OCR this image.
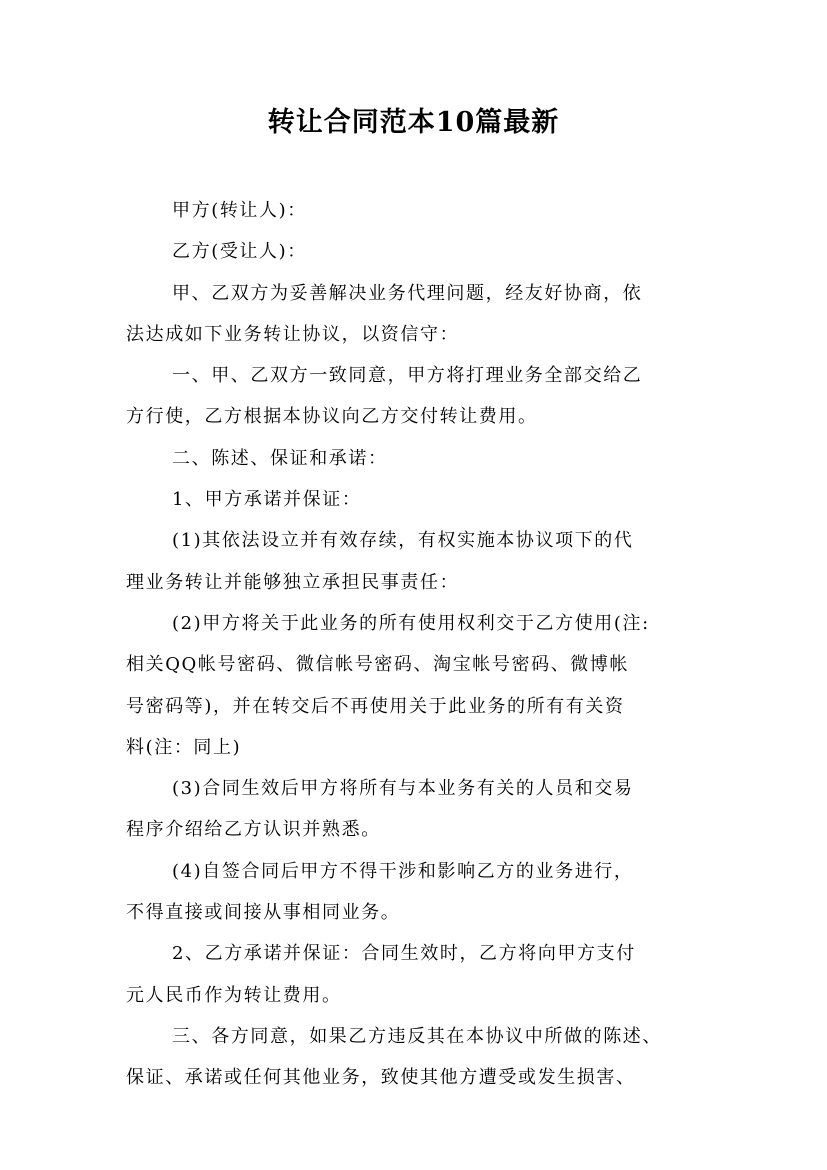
转让合同范本10篇最新
甲方(转让人)：
乙方(受让人)：
甲、乙双方为妥善解决业务代理问题，经友好协商，依
法达成如下业务转让协议，以资信守：
一、甲、乙双方一致同意，甲方将打理业务全部交给乙
方行使，乙方根据本协议向乙方交付转让费用。
二、陈述、保证和承诺：
1、甲方承诺并保证：
(1)其依法设立并有效存续，有权实施本协议项下的代
理业务转让并能够独立承担民事责任：
(2)甲方将关于此业务的所有使用权利交于乙方使用(注:
相关QQ帐号密码、微信帐号密码、淘宝帐号密码、微博帐
号密码等)，并在转交后不再使用关于此业务的所有有关资
料(注：同上)
(3)合同生效后甲方将所有与本业务有关的人员和交易
程序介绍给乙方认识并熟悉。
(4)自签合同后甲方不得干涉和影响乙方的业务进行，
不得直接或间接从事相同业务。
2、乙方承诺并保证：合同生效时，乙方将向甲方支付
元人民币作为转让费用。
三、各方同意，如果乙方违反其在本协议中所做的陈述、
保证、承诺或任何其他业务，致使其他方遭受或发生损害、
